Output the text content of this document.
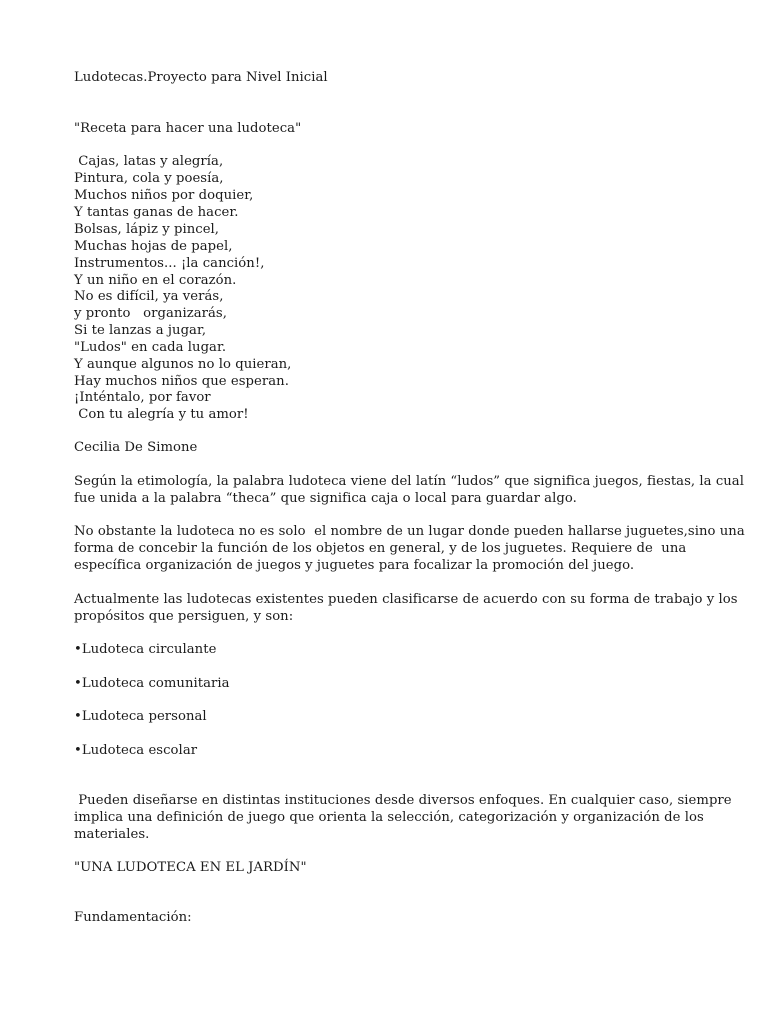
Ludotecas.Proyecto para Nivel Inicial
"Receta para hacer una ludoteca"
Cajas, latas y alegría,
Pintura, cola y poesía,
Muchos niños por doquier,
Y tantas ganas de hacer.
Bolsas, lápiz y pincel,
Muchas hojas de papel,
Instrumentos... ¡la canción!,
Y un niño en el corazón.
No es difícil, ya verás,
y pronto   organizarás,
Si te lanzas a jugar,
"Ludos" en cada lugar.
Y aunque algunos no lo quieran,
Hay muchos niños que esperan.
¡Inténtalo, por favor
Con tu alegría y tu amor!
Cecilia De Simone
Según la etimología, la palabra ludoteca viene del latín “ludos” que significa juegos, fiestas, la cual
fue unida a la palabra “theca” que significa caja o local para guardar algo.
No obstante la ludoteca no es solo  el nombre de un lugar donde pueden hallarse juguetes,sino una
forma de concebir la función de los objetos en general, y de los juguetes. Requiere de  una
específica organización de juegos y juguetes para focalizar la promoción del juego.
Actualmente las ludotecas existentes pueden clasificarse de acuerdo con su forma de trabajo y los
propósitos que persiguen, y son:
•Ludoteca circulante
•Ludoteca comunitaria
•Ludoteca personal
•Ludoteca escolar
Pueden diseñarse en distintas instituciones desde diversos enfoques. En cualquier caso, siempre
implica una definición de juego que orienta la selección, categorización y organización de los
materiales.
"UNA LUDOTECA EN EL JARDÍN"
Fundamentación:
